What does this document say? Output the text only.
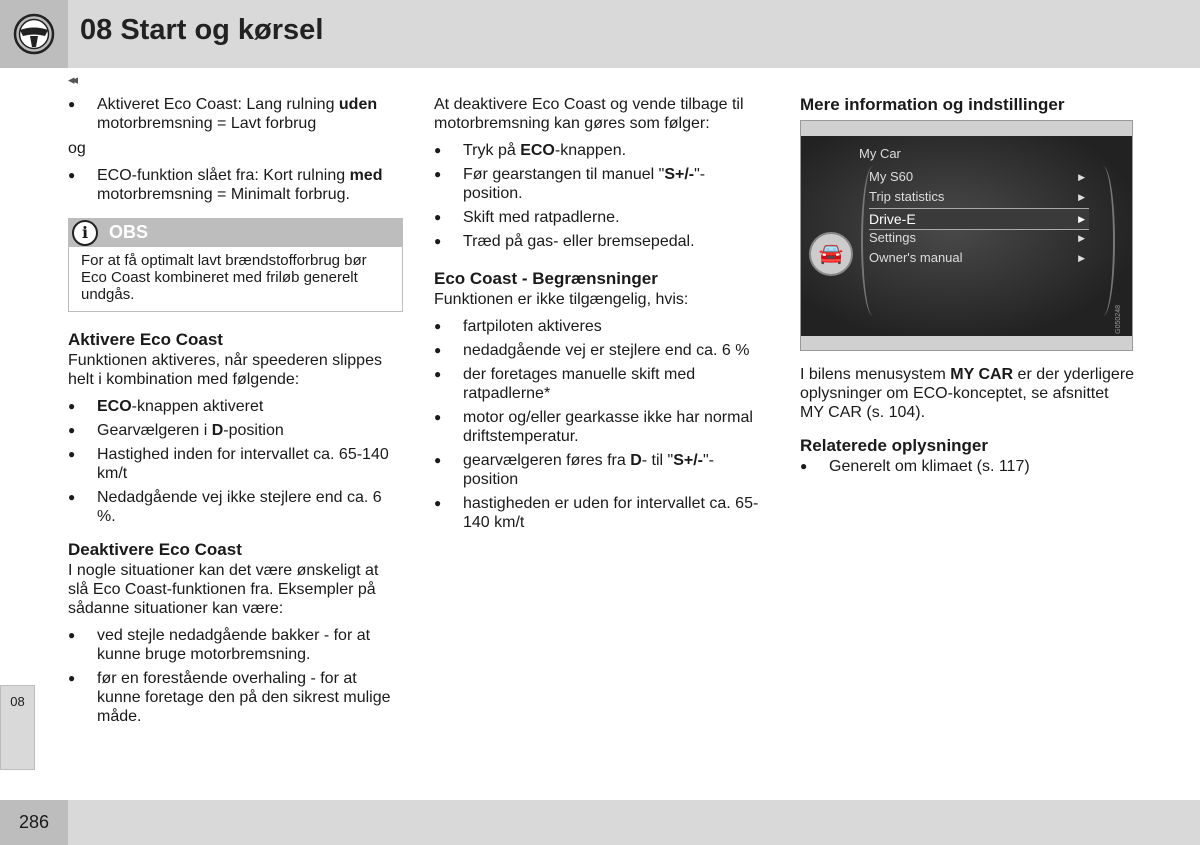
08 Start og kørsel
◂◂
● Aktiveret Eco Coast: Lang rulning uden motorbremsning = Lavt forbrug

og

● ECO-funktion slået fra: Kort rulning med motorbremsning = Minimalt forbrug.
i	OBS
For at få optimalt lavt brændstofforbrug bør Eco Coast kombineret med friløb generelt undgås.
Aktivere Eco Coast

Funktionen aktiveres, når speederen slippes helt i kombination med følgende:

● ECO-knappen aktiveret
● Gearvælgeren i D-position
● Hastighed inden for intervallet ca. 65-140 km/t
● Nedadgående vej ikke stejlere end ca. 6 %.
Deaktivere Eco Coast

I nogle situationer kan det være ønskeligt at slå Eco Coast-funktionen fra. Eksempler på sådanne situationer kan være:

● ved stejle nedadgående bakker - for at kunne bruge motorbremsning.
● før en forestående overhaling - for at kunne foretage den på den sikrest mulige måde.

At deaktivere Eco Coast og vende tilbage til motorbremsning kan gøres som følger:

● Tryk på ECO-knappen.
● Før gearstangen til manuel "S+/-"-position.
● Skift med ratpadlerne.
● Træd på gas- eller bremsepedal.
Eco Coast - Begrænsninger

Funktionen er ikke tilgængelig, hvis:

● fartpiloten aktiveres
● nedadgående vej er stejlere end ca. 6 %
● der foretages manuelle skift med ratpadlerne*
● motor og/eller gearkasse ikke har normal driftstemperatur.
● gearvælgeren føres fra D- til "S+/-"-position
● hastigheden er uden for intervallet ca. 65-140 km/t
Mere information og indstillinger
My Car
🚘
My S60	▶
Trip statistics	▶
Drive-E	▶
Settings	▶
Owner's manual	▶
G050248

I bilens menusystem MY CAR er der yderligere oplysninger om ECO-konceptet, se afsnittet MY CAR (s. 104).

Relaterede oplysninger
● Generelt om klimaet (s. 117)
08
286
